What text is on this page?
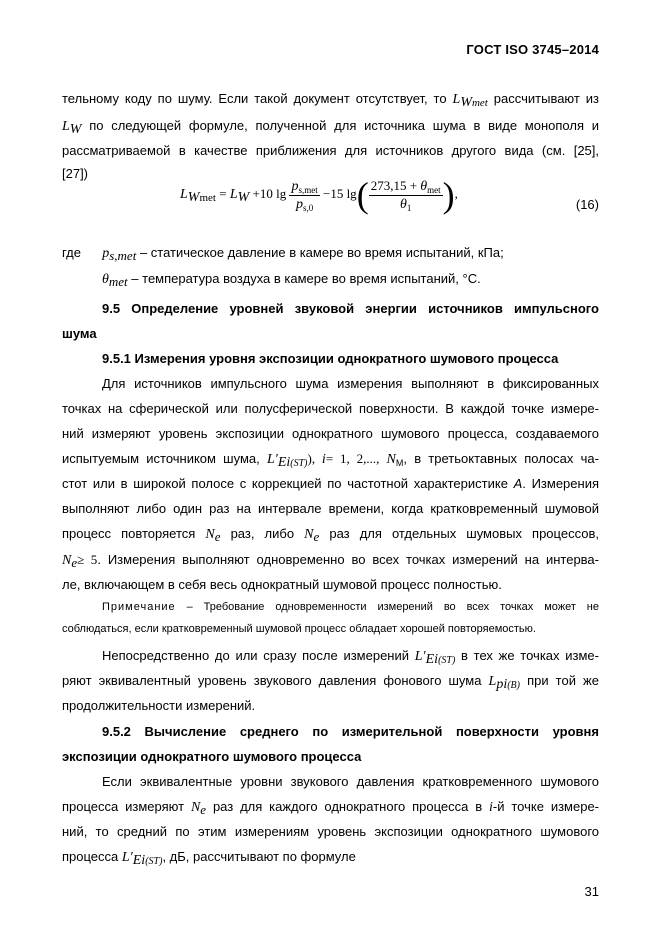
ГОСТ ISO 3745–2014
тельному коду по шуму. Если такой документ отсутствует, то $L_{Wmet}$ рассчитывают из
$L_W$ по следующей формуле, полученной для источника шума в виде монополя и
рассматриваемой в качестве приближения для источников другого вида (см. [25],
[27])
$L_{Wmet} = L_W +10$ $\lg \frac{p_{s,met}}{p_{s,0}} -15$ $\lg( \frac{273,15 + \theta_{met}}{\theta_1}$ ),
(16)
где $p_{s,met}$ – статическое давление в камере во время испытаний, кПа;
$\theta_{met}$ – температура воздуха в камере во время испытаний, °С.
9.5 Определение уровней звуковой энергии источников импульсного
шума
9.5.1 Измерения уровня экспозиции однократного шумового процесса
Для источников импульсного шума измерения выполняют в фиксированных
точках на сферической или полусферической поверхности. В каждой точке измере-
ний измеряют уровень экспозиции однократного шумового процесса, создаваемого
испытуемым источником шума, $L'_{Ei(ST)}$), i= 1, 2,..., $N_M$, в третьоктавных полосах ча-
стот или в широкой полосе с коррекцией по частотной характеристике A. Измерения
выполняют либо один раз на интервале времени, когда кратковременный шумовой
процесс повторяется $N_e$ раз, либо $N_e$ раз для отдельных шумовых процессов,
$N_e\ge 5$. Измерения выполняют одновременно во всех точках измерений на интерва-
ле, включающем в себя весь однократный шумовой процесс полностью.
Примечание – Требование одновременности измерений во всех точках может не
соблюдаться, если кратковременный шумовой процесс обладает хорошей повторяемостью.
Непосредственно до или сразу после измерений $L'_{Ei(ST)}$ в тех же точках изме-
ряют эквивалентный уровень звукового давления фонового шума $L_{pi(B)}$ при той же
продолжительности измерений.
9.5.2 Вычисление среднего по измерительной поверхности уровня
экспозиции однократного шумового процесса
Если эквивалентные уровни звукового давления кратковременного шумового
процесса измеряют $N_e$ раз для каждого однократного процесса в i-й точке измере-
ний, то средний по этим измерениям уровень экспозиции однократного шумового
процесса $L'_{Ei(ST)}$, дБ, рассчитывают по формуле
31
